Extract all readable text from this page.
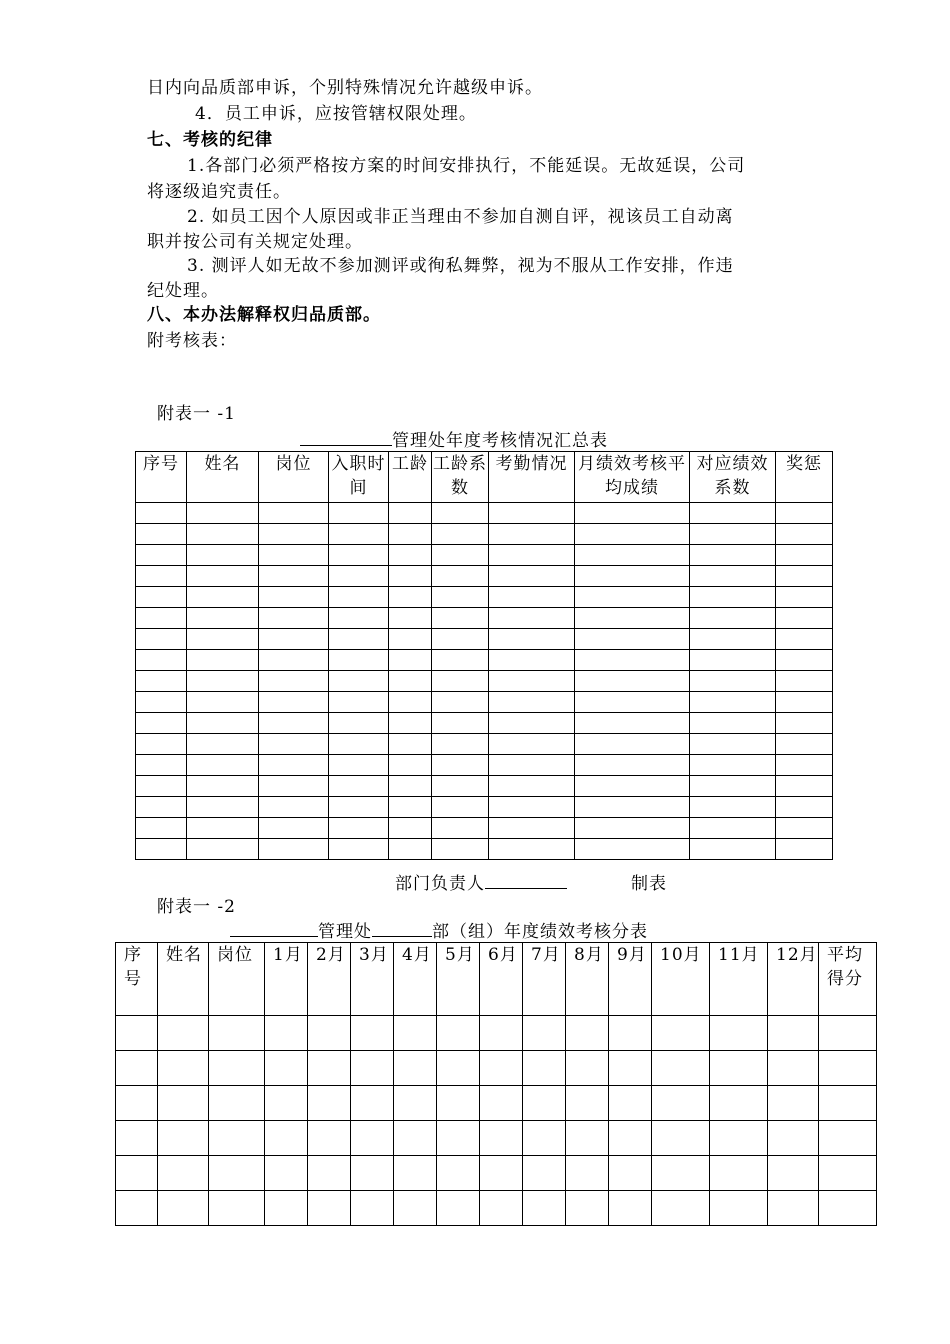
日内向品质部申诉，个别特殊情况允许越级申诉。
4．员工申诉，应按管辖权限处理。
七、考核的纪律
1.各部门必须严格按方案的时间安排执行，不能延误。无故延误，公司
将逐级追究责任。
2. 如员工因个人原因或非正当理由不参加自测自评，视该员工自动离
职并按公司有关规定处理。
3. 测评人如无故不参加测评或徇私舞弊，视为不服从工作安排，作违
纪处理。
八、本办法解释权归品质部。
附考核表：
附表一 -1
管理处年度考核情况汇总表
序号	姓名	岗位	入职时间	工龄	工龄系数	考勤情况	月绩效考核平均成绩	对应绩效系数	奖惩

部门负责人	制表
附表一 -2
管理处	部（组）年度绩效考核分表
序号	姓名	岗位	1月	2月	3月	4月	5月	6月	7月	8月	9月	10月	11月	12月	平均得分
